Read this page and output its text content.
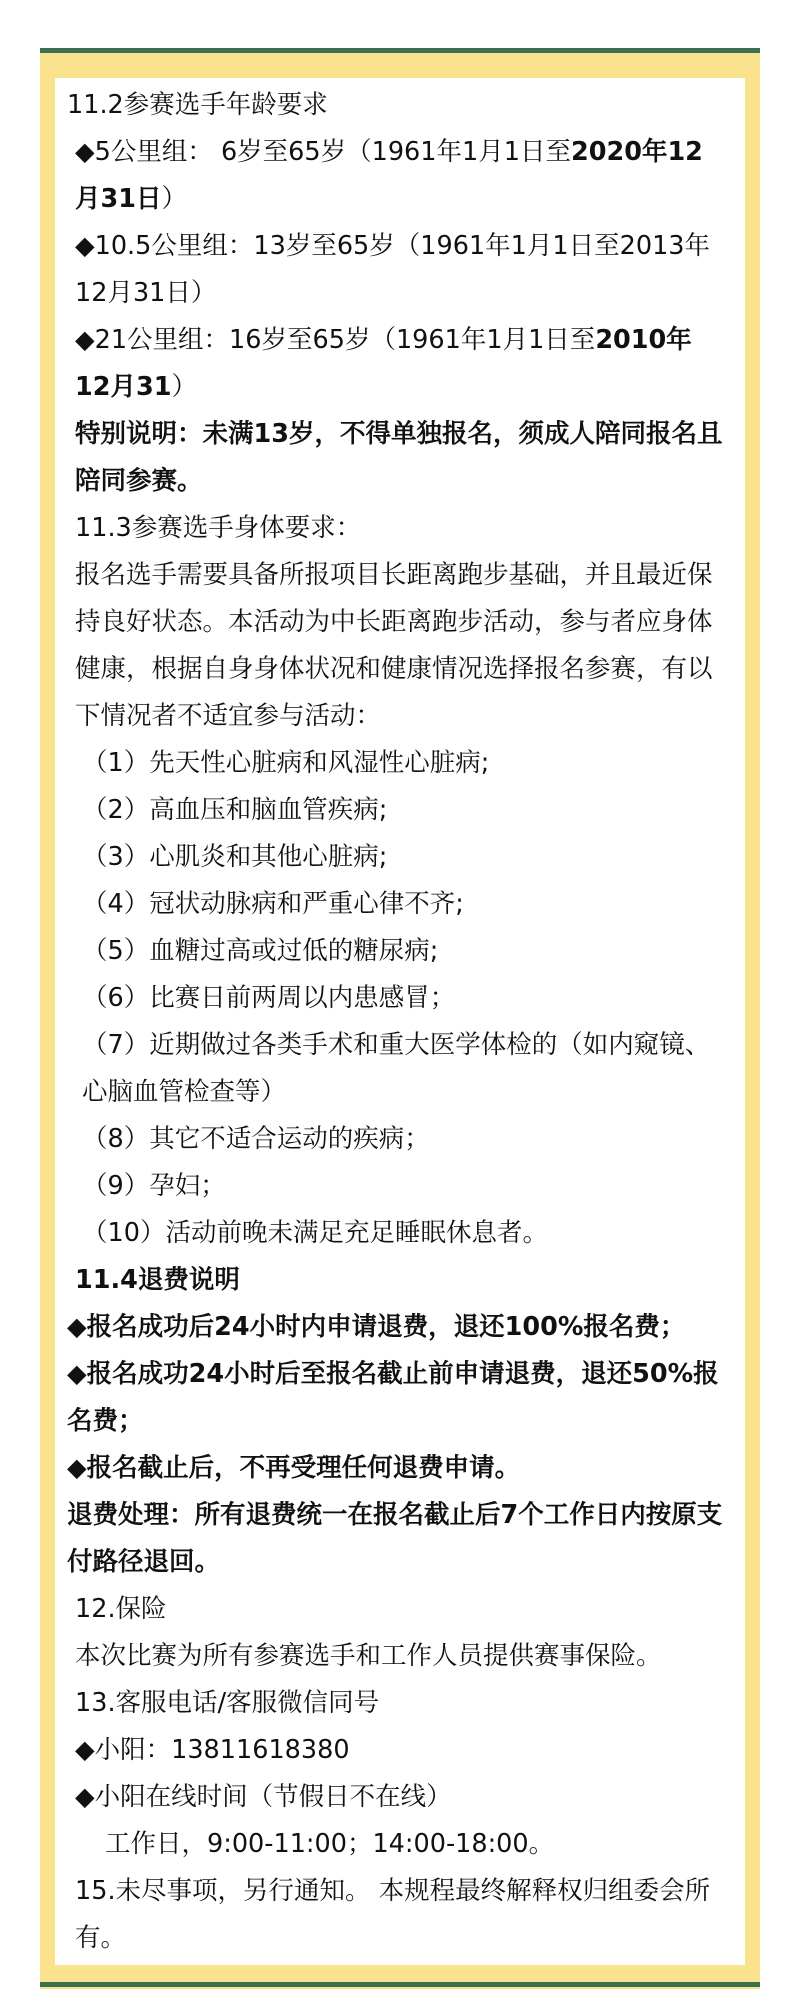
11.2参赛选手年龄要求

◆5公里组： 6岁至65岁（1961年1月1日至2020年12月31日）

◆10.5公里组：13岁至65岁（1961年1月1日至2013年12月31日）

◆21公里组：16岁至65岁（1961年1月1日至2010年12月31）

特别说明：未满13岁，不得单独报名，须成人陪同报名且陪同参赛。

11.3参赛选手身体要求：

报名选手需要具备所报项目长距离跑步基础，并且最近保持良好状态。本活动为中长距离跑步活动，参与者应身体健康，根据自身身体状况和健康情况选择报名参赛，有以下情况者不适宜参与活动：

（1）先天性心脏病和风湿性心脏病;

（2）高血压和脑血管疾病;

（3）心肌炎和其他心脏病;

（4）冠状动脉病和严重心律不齐;

（5）血糖过高或过低的糖尿病;

（6）比赛日前两周以内患感冒；

（7）近期做过各类手术和重大医学体检的（如内窥镜、心脑血管检查等）

（8）其它不适合运动的疾病；

（9）孕妇；

（10）活动前晚未满足充足睡眠休息者。

11.4退费说明

◆报名成功后24小时内申请退费，退还100%报名费；

◆报名成功24小时后至报名截止前申请退费，退还50%报名费；

◆报名截止后，不再受理任何退费申请。

退费处理：所有退费统一在报名截止后7个工作日内按原支付路径退回。

12.保险

本次比赛为所有参赛选手和工作人员提供赛事保险。

13.客服电话/客服微信同号

◆小阳：13811618380

◆小阳在线时间（节假日不在线）

工作日，9:00-11:00；14:00-18:00。

15.未尽事项，另行通知。 本规程最终解释权归组委会所有。
